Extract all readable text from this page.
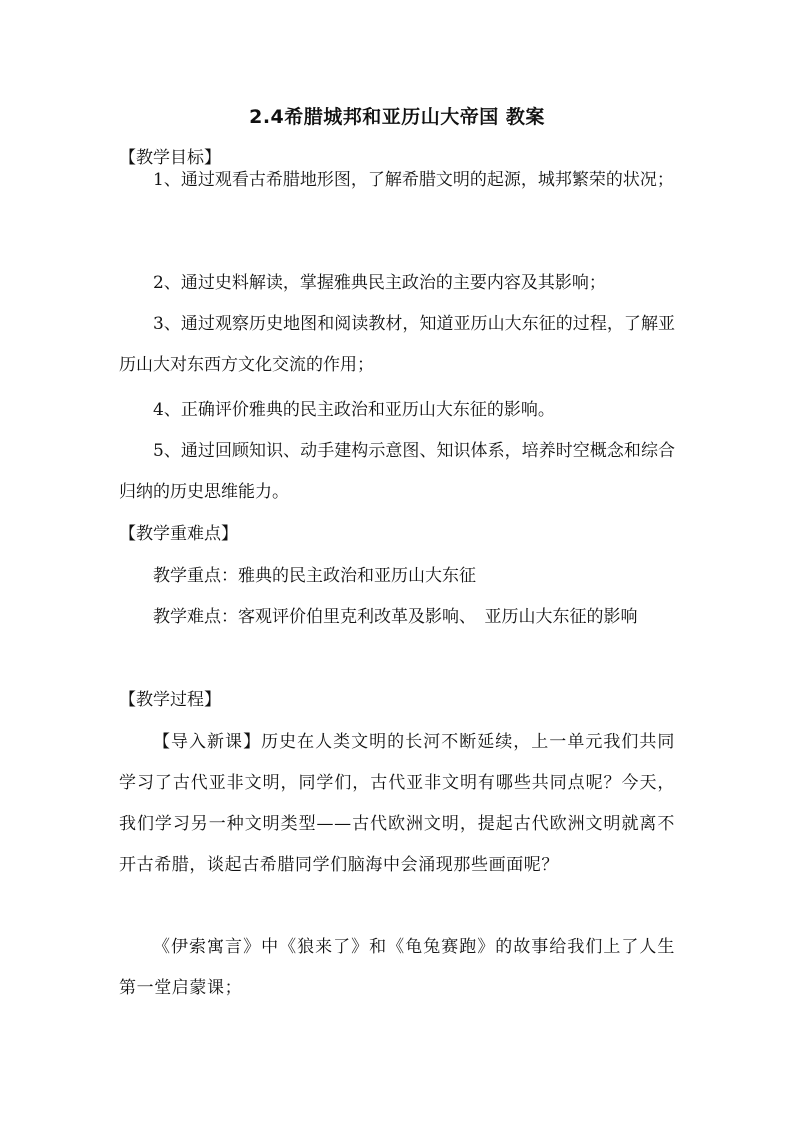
2.4希腊城邦和亚历山大帝国 教案
【教学目标】
1、通过观看古希腊地形图，了解希腊文明的起源，城邦繁荣的状况；
2、通过史料解读，掌握雅典民主政治的主要内容及其影响；
3、通过观察历史地图和阅读教材，知道亚历山大东征的过程，了解亚历山大对东西方文化交流的作用；
4、正确评价雅典的民主政治和亚历山大东征的影响。
5、通过回顾知识、动手建构示意图、知识体系，培养时空概念和综合归纳的历史思维能力。
【教学重难点】
教学重点：雅典的民主政治和亚历山大东征
教学难点：客观评价伯里克利改革及影响、　亚历山大东征的影响
【教学过程】
【导入新课】历史在人类文明的长河不断延续，上一单元我们共同学习了古代亚非文明，同学们，古代亚非文明有哪些共同点呢？今天，我们学习另一种文明类型——古代欧洲文明，提起古代欧洲文明就离不开古希腊，谈起古希腊同学们脑海中会涌现那些画面呢？
《伊索寓言》中《狼来了》和《龟兔赛跑》的故事给我们上了人生第一堂启蒙课；
